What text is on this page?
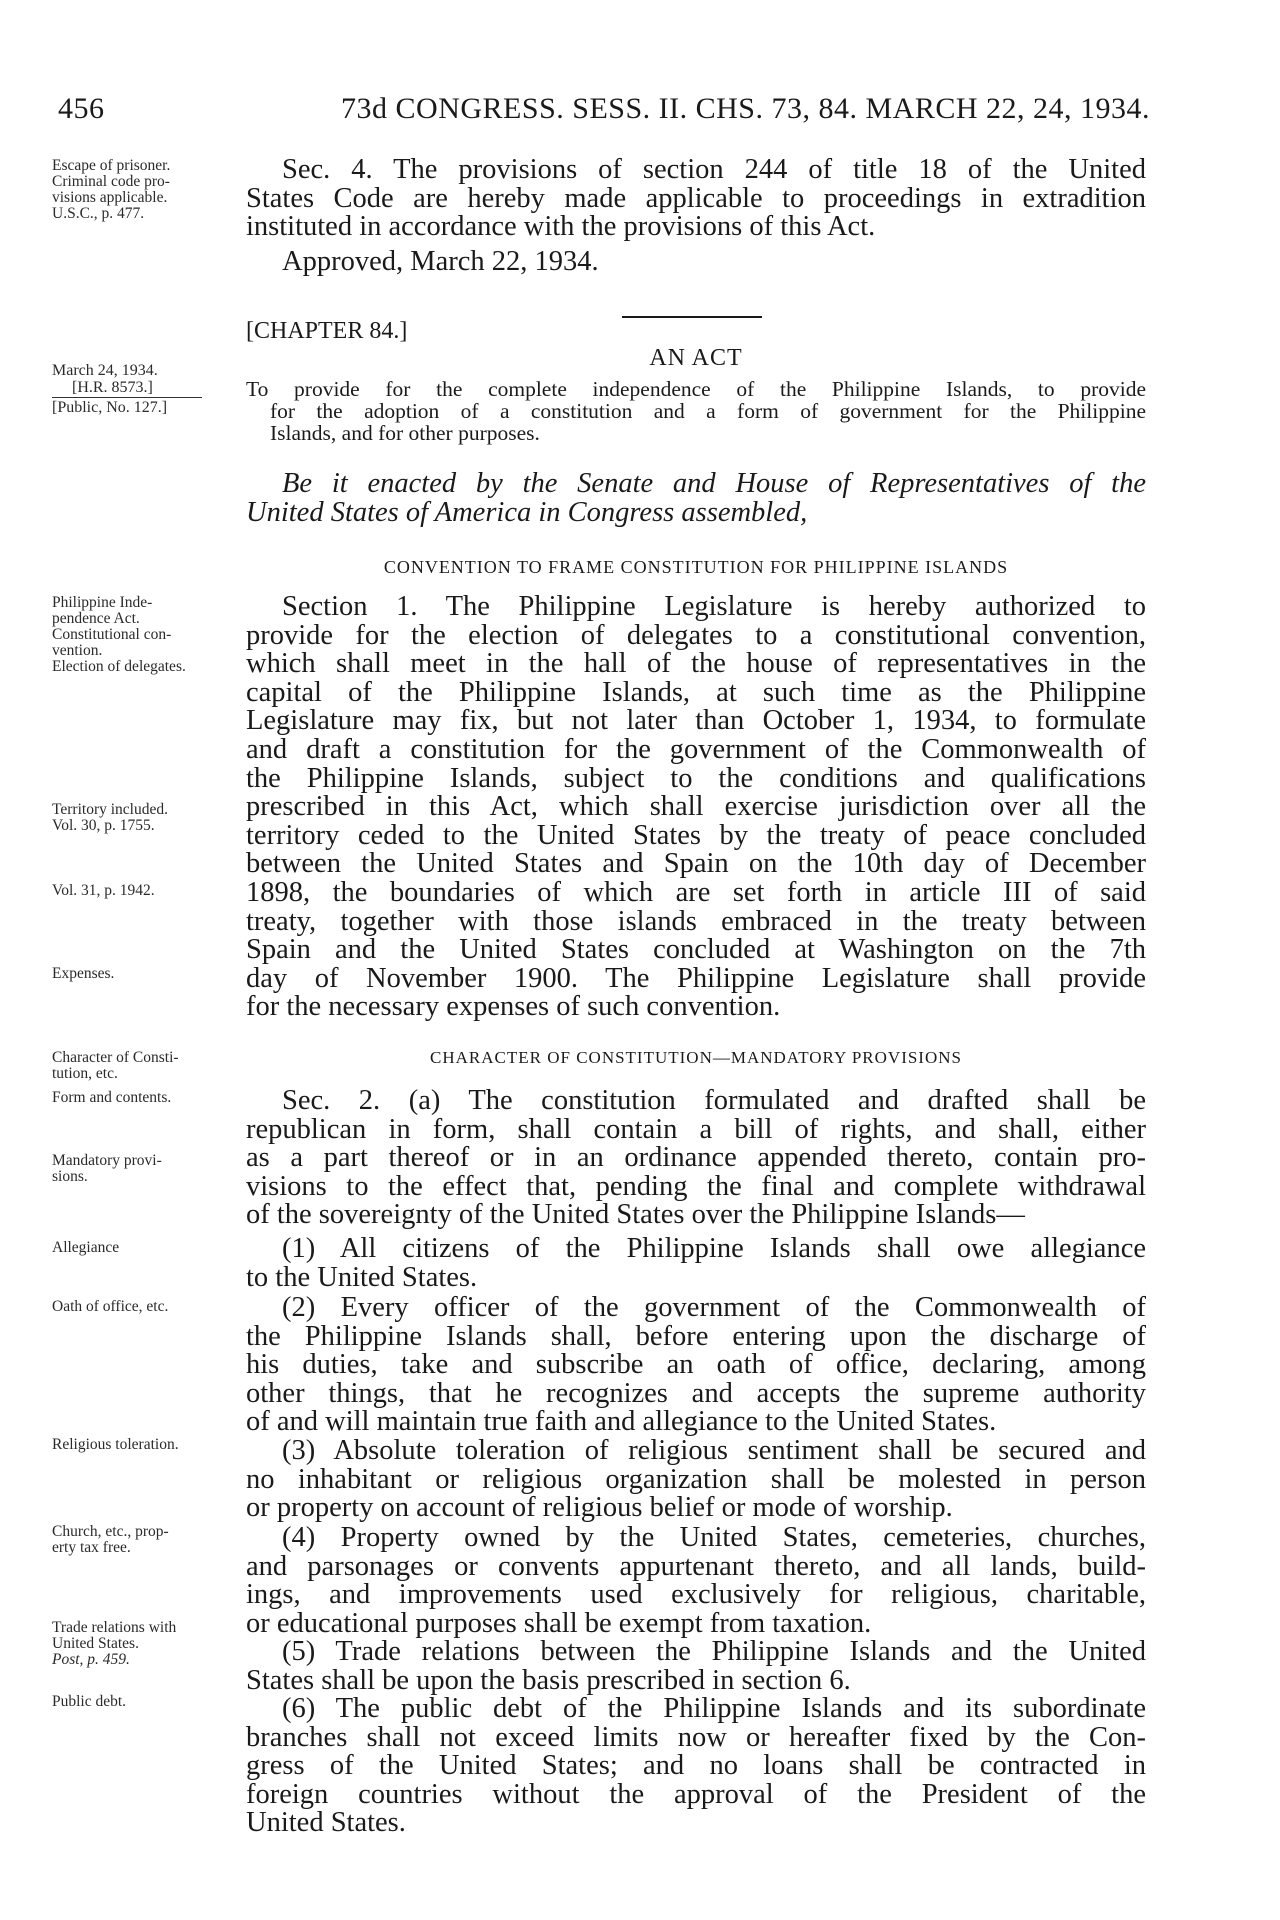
456	73d CONGRESS. SESS. II. CHS. 73, 84. MARCH 22, 24, 1934.
Escape of prisoner.
Criminal code pro-
visions applicable.
U.S.C., p. 477.
March 24, 1934.
[H.R. 8573.]
[Public, No. 127.]
Philippine Inde-
pendence Act.
Constitutional con-
vention.
Election of delegates.
Territory included.
Vol. 30, p. 1755.
Vol. 31, p. 1942.
Expenses.
Character of Consti-
tution, etc.
Form and contents.
Mandatory provi-
sions.
Allegiance
Oath of office, etc.
Religious toleration.
Church, etc., prop-
erty tax free.
Trade relations with
United States.
Post, p. 459.
Public debt.
Sec. 4. The provisions of section 244 of title 18 of the United
States Code are hereby made applicable to proceedings in extradition
instituted in accordance with the provisions of this Act.
Approved, March 22, 1934.
[CHAPTER 84.]
AN ACT
To provide for the complete independence of the Philippine Islands, to provide
for the adoption of a constitution and a form of government for the Philippine
Islands, and for other purposes.
Be it enacted by the Senate and House of Representatives of the
United States of America in Congress assembled,
CONVENTION TO FRAME CONSTITUTION FOR PHILIPPINE ISLANDS
Section 1. The Philippine Legislature is hereby authorized to
provide for the election of delegates to a constitutional convention,
which shall meet in the hall of the house of representatives in the
capital of the Philippine Islands, at such time as the Philippine
Legislature may fix, but not later than October 1, 1934, to formulate
and draft a constitution for the government of the Commonwealth of
the Philippine Islands, subject to the conditions and qualifications
prescribed in this Act, which shall exercise jurisdiction over all the
territory ceded to the United States by the treaty of peace concluded
between the United States and Spain on the 10th day of December
1898, the boundaries of which are set forth in article III of said
treaty, together with those islands embraced in the treaty between
Spain and the United States concluded at Washington on the 7th
day of November 1900. The Philippine Legislature shall provide
for the necessary expenses of such convention.
CHARACTER OF CONSTITUTION—MANDATORY PROVISIONS
Sec. 2. (a) The constitution formulated and drafted shall be
republican in form, shall contain a bill of rights, and shall, either
as a part thereof or in an ordinance appended thereto, contain pro-
visions to the effect that, pending the final and complete withdrawal
of the sovereignty of the United States over the Philippine Islands—
(1) All citizens of the Philippine Islands shall owe allegiance
to the United States.
(2) Every officer of the government of the Commonwealth of
the Philippine Islands shall, before entering upon the discharge of
his duties, take and subscribe an oath of office, declaring, among
other things, that he recognizes and accepts the supreme authority
of and will maintain true faith and allegiance to the United States.
(3) Absolute toleration of religious sentiment shall be secured and
no inhabitant or religious organization shall be molested in person
or property on account of religious belief or mode of worship.
(4) Property owned by the United States, cemeteries, churches,
and parsonages or convents appurtenant thereto, and all lands, build-
ings, and improvements used exclusively for religious, charitable,
or educational purposes shall be exempt from taxation.
(5) Trade relations between the Philippine Islands and the United
States shall be upon the basis prescribed in section 6.
(6) The public debt of the Philippine Islands and its subordinate
branches shall not exceed limits now or hereafter fixed by the Con-
gress of the United States; and no loans shall be contracted in
foreign countries without the approval of the President of the
United States.
